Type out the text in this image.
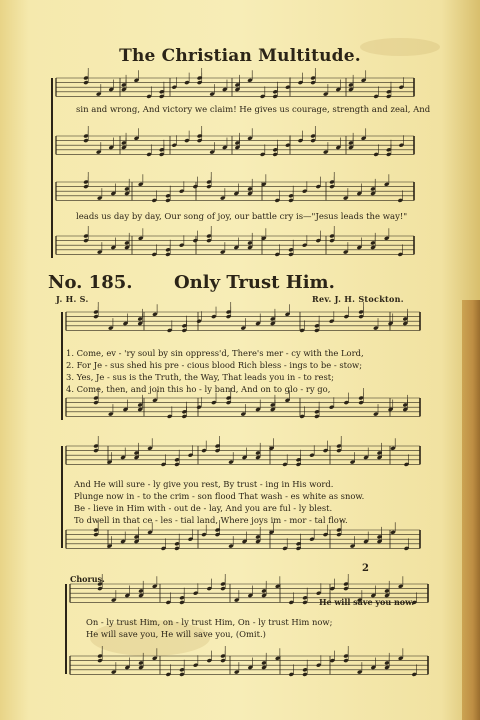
The Christian Multitude.
sin and wrong, And victory we claim! He gives us courage, strength and zeal, And
leads us day by day, Our song of joy, our battle cry is—"Jesus leads the way!"
No. 185. Only Trust Him.
J. H. S.	Rev. J. H. Stockton.
1. Come, ev - 'ry soul by sin oppress'd, There's mer - cy with the Lord,
2. For Je - sus shed his pre - cious blood Rich bless - ings to be - stow;
3. Yes, Je - sus is the Truth, the Way, That leads you in - to rest;
4. Come, then, and join this ho - ly band, And on to glo - ry go,
And He will sure - ly give you rest, By trust - ing in His word.
Plunge now in - to the crim - son flood That wash - es white as snow.
Be - lieve in Him with - out de - lay, And you are ful - ly blest.
To dwell in that ce - les - tial land, Where joys im - mor - tal flow.
Chorus.
On - ly trust Him, on - ly trust Him, On - ly trust Him now;
He will save you, He will save you, (Omit.)
He will save you now.
2
